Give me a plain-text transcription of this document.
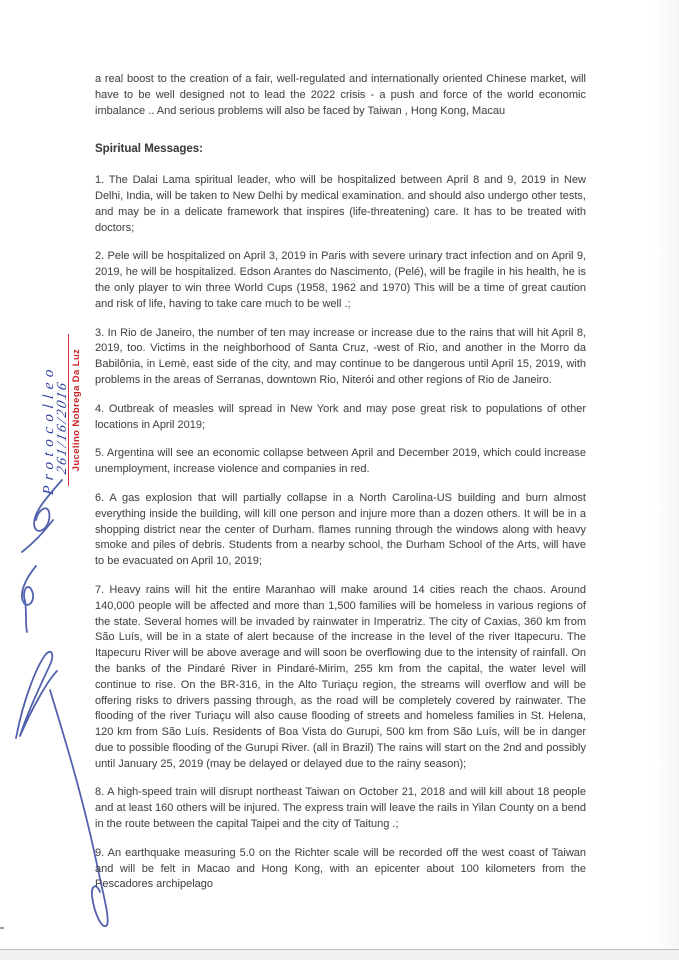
Protocolleo
261/16/2016 Jucelino Nobrega Da Luz

a real boost to the creation of a fair, well-regulated and internationally oriented Chinese market, will have to be well designed not to lead the 2022 crisis - a push and force of the world economic imbalance .. And serious problems will also be faced by Taiwan , Hong Kong, Macau

Spiritual Messages:

1. The Dalai Lama spiritual leader, who will be hospitalized between April 8 and 9, 2019 in New Delhi, India, will be taken to New Delhi by medical examination. and should also undergo other tests, and may be in a delicate framework that inspires (life-threatening) care. It has to be treated with doctors;

2. Pele will be hospitalized on April 3, 2019 in Paris with severe urinary tract infection and on April 9, 2019, he will be hospitalized. Edson Arantes do Nascimento, (Pelé), will be fragile in his health, he is the only player to win three World Cups (1958, 1962 and 1970) This will be a time of great caution and risk of life, having to take care much to be well .;

3. In Rio de Janeiro, the number of ten may increase or increase due to the rains that will hit April 8, 2019, too. Victims in the neighborhood of Santa Cruz, -west of Rio, and another in the Morro da Babilônia, in Lemè, east side of the city, and may continue to be dangerous until April 15, 2019, with problems in the areas of Serranas, downtown Rio, Niterói and other regions of Rio de Janeiro.

4. Outbreak of measles will spread in New York and may pose great risk to populations of other locations in April 2019;

5. Argentina will see an economic collapse between April and December 2019, which could increase unemployment, increase violence and companies in red.

6. A gas explosion that will partially collapse in a North Carolina-US building and burn almost everything inside the building, will kill one person and injure more than a dozen others. It will be in a shopping district near the center of Durham. flames running through the windows along with heavy smoke and piles of debris. Students from a nearby school, the Durham School of the Arts, will have to be evacuated on April 10, 2019;

7. Heavy rains will hit the entire Maranhao will make around 14 cities reach the chaos. Around 140,000 people will be affected and more than 1,500 families will be homeless in various regions of the state. Several homes will be invaded by rainwater in Imperatriz. The city of Caxias, 360 km from São Luís, will be in a state of alert because of the increase in the level of the river Itapecuru. The Itapecuru River will be above average and will soon be overflowing due to the intensity of rainfall. On the banks of the Pindaré River in Pindaré-Mirim, 255 km from the capital, the water level will continue to rise. On the BR-316, in the Alto Turiaçu region, the streams will overflow and will be offering risks to drivers passing through, as the road will be completely covered by rainwater. The flooding of the river Turiaçu will also cause flooding of streets and homeless families in St. Helena, 120 km from São Luís. Residents of Boa Vista do Gurupi, 500 km from São Luís, will be in danger due to possible flooding of the Gurupi River. (all in Brazil) The rains will start on the 2nd and possibly until January 25, 2019 (may be delayed or delayed due to the rainy season);

8. A high-speed train will disrupt northeast Taiwan on October 21, 2018 and will kill about 18 people and at least 160 others will be injured. The express train will leave the rails in Yilan County on a bend in the route between the capital Taipei and the city of Taitung .;

9. An earthquake measuring 5.0 on the Richter scale will be recorded off the west coast of Taiwan and will be felt in Macao and Hong Kong, with an epicenter about 100 kilometers from the Pescadores archipelago
